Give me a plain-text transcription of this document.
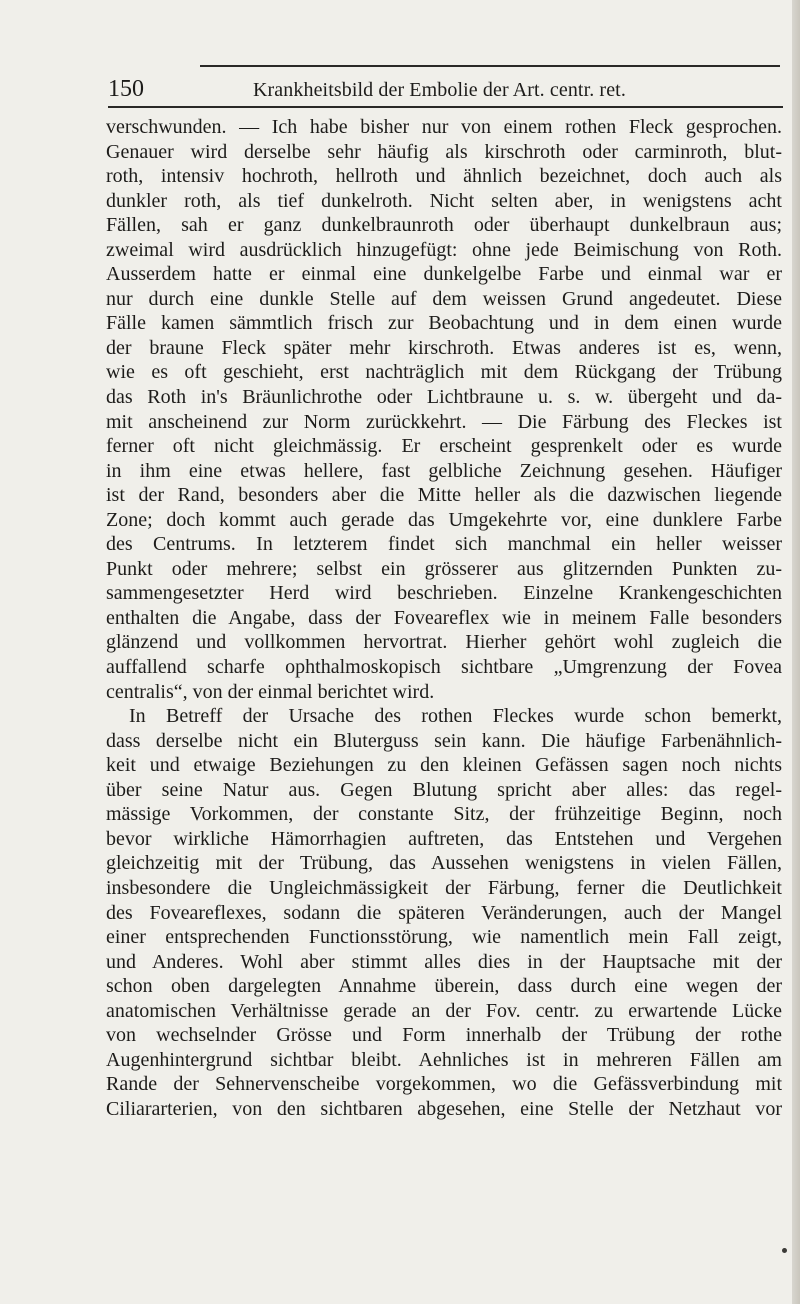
150	Krankheitsbild der Embolie der Art. centr. ret.
verschwunden. — Ich habe bisher nur von einem rothen Fleck gesprochen.
Genauer wird derselbe sehr häufig als kirschroth oder carminroth, blut-
roth, intensiv hochroth, hellroth und ähnlich bezeichnet, doch auch als
dunkler roth, als tief dunkelroth. Nicht selten aber, in wenigstens acht
Fällen, sah er ganz dunkelbraunroth oder überhaupt dunkelbraun aus;
zweimal wird ausdrücklich hinzugefügt: ohne jede Beimischung von Roth.
Ausserdem hatte er einmal eine dunkelgelbe Farbe und einmal war er
nur durch eine dunkle Stelle auf dem weissen Grund angedeutet. Diese
Fälle kamen sämmtlich frisch zur Beobachtung und in dem einen wurde
der braune Fleck später mehr kirschroth. Etwas anderes ist es, wenn,
wie es oft geschieht, erst nachträglich mit dem Rückgang der Trübung
das Roth in's Bräunlichrothe oder Lichtbraune u. s. w. übergeht und da-
mit anscheinend zur Norm zurückkehrt. — Die Färbung des Fleckes ist
ferner oft nicht gleichmässig. Er erscheint gesprenkelt oder es wurde
in ihm eine etwas hellere, fast gelbliche Zeichnung gesehen. Häufiger
ist der Rand, besonders aber die Mitte heller als die dazwischen liegende
Zone; doch kommt auch gerade das Umgekehrte vor, eine dunklere Farbe
des Centrums. In letzterem findet sich manchmal ein heller weisser
Punkt oder mehrere; selbst ein grösserer aus glitzernden Punkten zu-
sammengesetzter Herd wird beschrieben. Einzelne Krankengeschichten
enthalten die Angabe, dass der Foveareflex wie in meinem Falle besonders
glänzend und vollkommen hervortrat. Hierher gehört wohl zugleich die
auffallend scharfe ophthalmoskopisch sichtbare „Umgrenzung der Fovea
centralis“, von der einmal berichtet wird.
In Betreff der Ursache des rothen Fleckes wurde schon bemerkt,
dass derselbe nicht ein Bluterguss sein kann. Die häufige Farbenähnlich-
keit und etwaige Beziehungen zu den kleinen Gefässen sagen noch nichts
über seine Natur aus. Gegen Blutung spricht aber alles: das regel-
mässige Vorkommen, der constante Sitz, der frühzeitige Beginn, noch
bevor wirkliche Hämorrhagien auftreten, das Entstehen und Vergehen
gleichzeitig mit der Trübung, das Aussehen wenigstens in vielen Fällen,
insbesondere die Ungleichmässigkeit der Färbung, ferner die Deutlichkeit
des Foveareflexes, sodann die späteren Veränderungen, auch der Mangel
einer entsprechenden Functionsstörung, wie namentlich mein Fall zeigt,
und Anderes. Wohl aber stimmt alles dies in der Hauptsache mit der
schon oben dargelegten Annahme überein, dass durch eine wegen der
anatomischen Verhältnisse gerade an der Fov. centr. zu erwartende Lücke
von wechselnder Grösse und Form innerhalb der Trübung der rothe
Augenhintergrund sichtbar bleibt. Aehnliches ist in mehreren Fällen am
Rande der Sehnervenscheibe vorgekommen, wo die Gefässverbindung mit
Ciliararterien, von den sichtbaren abgesehen, eine Stelle der Netzhaut vor
